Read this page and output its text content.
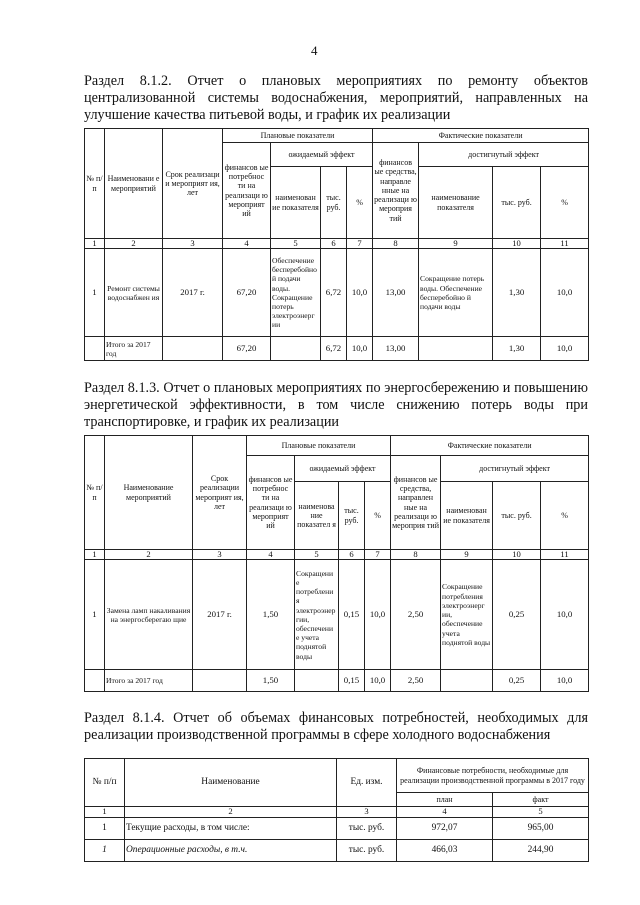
4
Раздел 8.1.2. Отчет о плановых мероприятиях по ремонту объектов централизованной системы водоснабжения, мероприятий, направленных на улучшение качества питьевой воды, и график их реализации
№ п/ п	Наименовани е мероприятий	Срок реализаци и мероприят ия, лет	Плановые показатели				Фактические показатели			
			финансов ые потребнос ти на реализаци ю мероприят ий	ожидаемый эффект			финансов ые средства, направле нные на реализаци ю мероприя тий	достигнутый эффект		
				наименован ие показателя	тыс. руб.	%		наименование показателя	тыс. руб.	%
1	2	3	4	5	6	7	8	9	10	11
1	Ремонт системы водоснабжен ия	2017 г.	67,20	Обеспечение бесперебойно й подачи воды. Сокращение потерь электроэнерг ии	6,72	10,0	13,00	Сокращение потерь воды. Обеспечение бесперебойно й подачи воды	1,30	10,0
	Итого за 2017 год		67,20		6,72	10,0	13,00		1,30	10,0
Раздел 8.1.3. Отчет о плановых мероприятиях по энергосбережению и повышению энергетической эффективности, в том числе снижению потерь воды при транспортировке, и график их реализации
№ п/ п	Наименование мероприятий	Срок реализации мероприят ия, лет	Плановые показатели				Фактические показатели			
			финансов ые потребнос ти на реализаци ю мероприят ий	ожидаемый эффект			финансов ые средства, направлен ные на реализаци ю мероприя тий	достигнутый эффект		
				наименова ние показател я	тыс. руб.	%		наименован ие показателя	тыс. руб.	%
1	2	3	4	5	6	7	8	9	10	11
1	Замена ламп накаливания на энергосберегаю щие	2017 г.	1,50	Сокращени е потреблени я электроэнер гии, обеспечени е учета поднятой воды	0,15	10,0	2,50	Сокращение потребления электроэнерг ии, обеспечение учета поднятой воды	0,25	10,0
	Итого за 2017 год		1,50		0,15	10,0	2,50		0,25	10,0
Раздел 8.1.4. Отчет об объемах финансовых потребностей, необходимых для реализации производственной программы в сфере холодного водоснабжения
№ п/п	Наименование	Ед. изм.	Финансовые потребности, необходимые для реализации производственной программы в 2017 году	
			план	факт
1	2	3	4	5
1	Текущие расходы, в том числе:	тыс. руб.	972,07	965,00
1	Операционные расходы, в т.ч.	тыс. руб.	466,03	244,90
